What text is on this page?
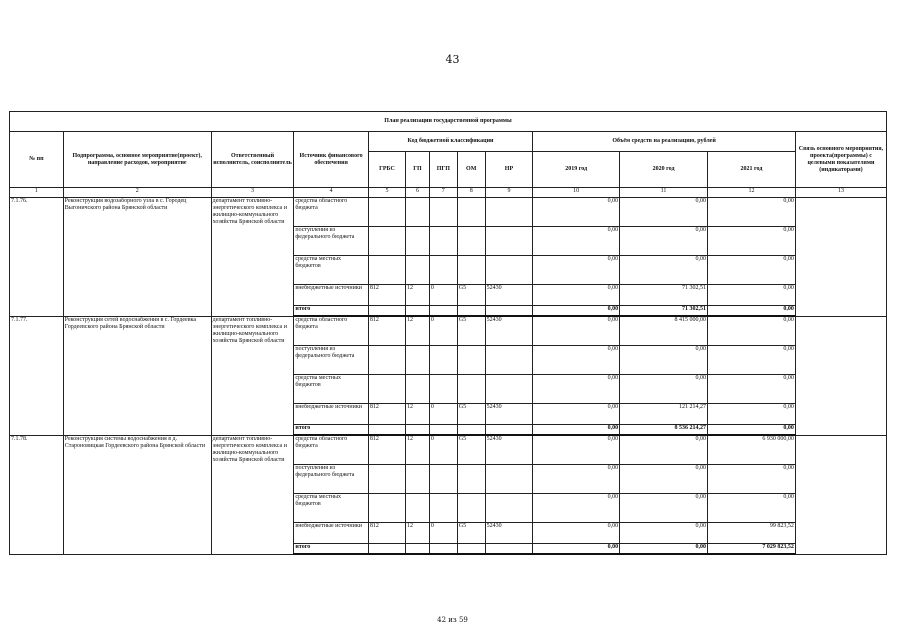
43
План реализации государственной программы												
№ пп	Подпрограмма, основное мероприятие(проект), направление расходов, мероприятие	Ответственный исполнитель, соисполнитель	Источник финансового обеспечения	Код бюджетной классификации					Объём средств на реализацию, рублей			Связь основного мероприятия, проекта(программы) с целевыми показателями (индикаторами)
				ГРБС	ГП	ПГП	ОМ	НР	2019 год	2020 год	2021 год	
1	2	3	4	5	6	7	8	9	10	11	12	13
7.1.76.	Реконструкция водозаборного узла в с. Городец Выгоничского района Брянской области	департамент топливно-энергетического комплекса и жилищно-коммунального хозяйства Брянской области	средства областного бюджета						0,00	0,00	0,00	
			поступления из федерального бюджета						0,00	0,00	0,00	
			средства местных бюджетов						0,00	0,00	0,00	
			внебюджетные источники	812	12	0	G5	52430	0,00	71 302,51	0,00	
			итого						0,00	71 302,51	0,00	
7.1.77.	Реконструкция сетей водоснабжения в с. Гордеевка Гордеевского района Брянской области	департамент топливно-энергетического комплекса и жилищно-коммунального хозяйства Брянской области	средства областного бюджета	812	12	0	G5	52430	0,00	8 415 000,00	0,00	
			поступления из федерального бюджета						0,00	0,00	0,00	
			средства местных бюджетов						0,00	0,00	0,00	
			внебюджетные источники	812	12	0	G5	52430	0,00	121 214,27	0,00	
			итого						0,00	8 536 214,27	0,00	
7.1.78.	Реконструкция системы водоснабжения в д. Староновицкая Гордеевского района Брянской области	департамент топливно-энергетического комплекса и жилищно-коммунального хозяйства Брянской области	средства областного бюджета	812	12	0	G5	52430	0,00	0,00	6 930 000,00	
			поступления из федерального бюджета						0,00	0,00	0,00	
			средства местных бюджетов						0,00	0,00	0,00	
			внебюджетные источники	812	12	0	G5	52430	0,00	0,00	99 823,52	
			итого						0,00	0,00	7 029 823,52	
42 из 59
